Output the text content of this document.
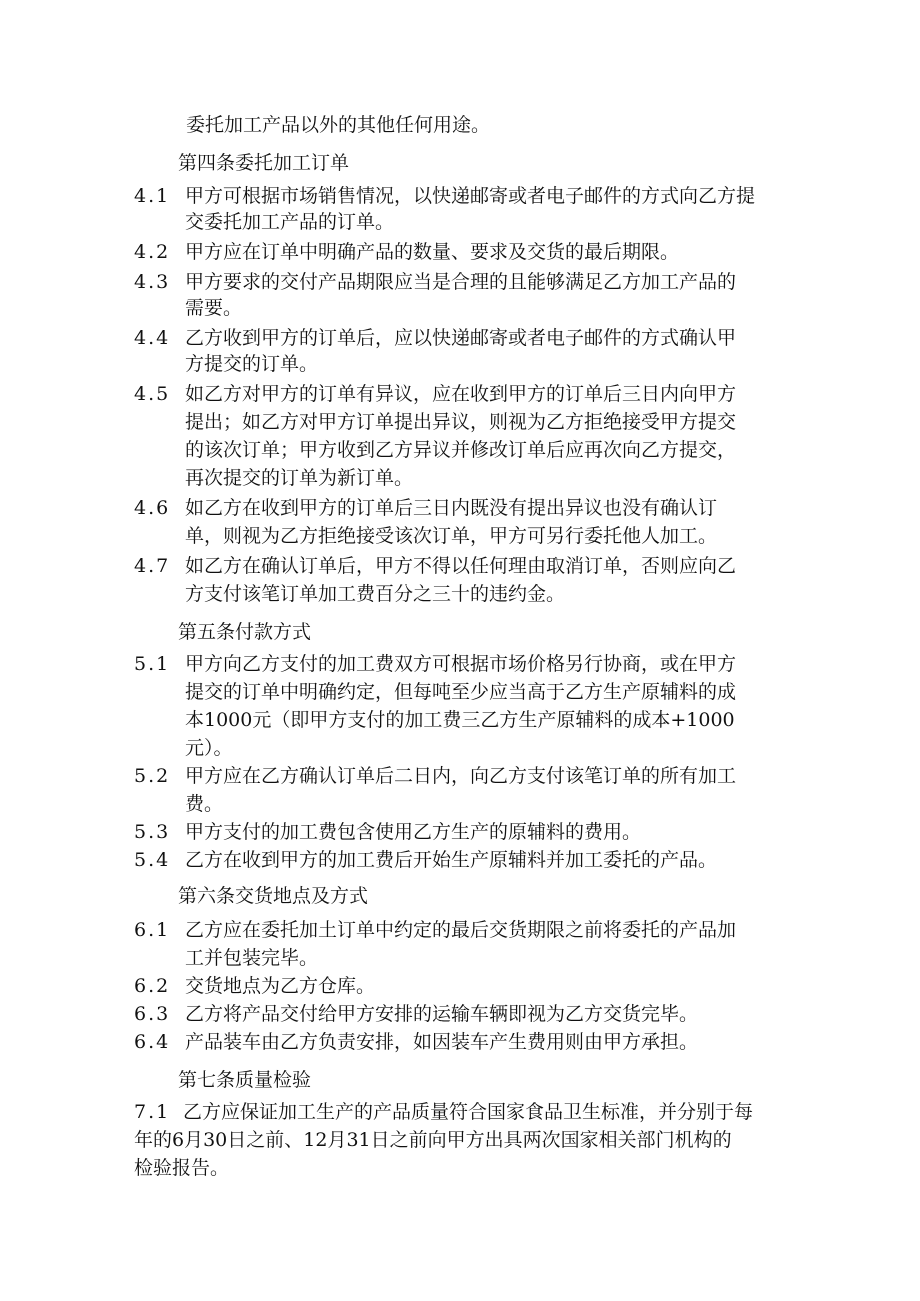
委托加工产品以外的其他任何用途。
第四条委托加工订单
4.1 甲方可根据市场销售情况，以快递邮寄或者电子邮件的方式向乙方提
交委托加工产品的订单。
4.2 甲方应在订单中明确产品的数量、要求及交货的最后期限。
4.3 甲方要求的交付产品期限应当是合理的且能够满足乙方加工产品的
需要。
4.4 乙方收到甲方的订单后，应以快递邮寄或者电子邮件的方式确认甲
方提交的订单。
4.5 如乙方对甲方的订单有异议，应在收到甲方的订单后三日内向甲方
提出；如乙方对甲方订单提出异议，则视为乙方拒绝接受甲方提交
的该次订单；甲方收到乙方异议并修改订单后应再次向乙方提交，
再次提交的订单为新订单。
4.6 如乙方在收到甲方的订单后三日内既没有提出异议也没有确认订
单，则视为乙方拒绝接受该次订单，甲方可另行委托他人加工。
4.7 如乙方在确认订单后，甲方不得以任何理由取消订单，否则应向乙
方支付该笔订单加工费百分之三十的违约金。
第五条付款方式
5.1 甲方向乙方支付的加工费双方可根据市场价格另行协商，或在甲方
提交的订单中明确约定，但每吨至少应当高于乙方生产原辅料的成
本1000元（即甲方支付的加工费三乙方生产原辅料的成本+1000
元）。
5.2 甲方应在乙方确认订单后二日内，向乙方支付该笔订单的所有加工
费。
5.3 甲方支付的加工费包含使用乙方生产的原辅料的费用。
5.4 乙方在收到甲方的加工费后开始生产原辅料并加工委托的产品。
第六条交货地点及方式
6.1 乙方应在委托加土订单中约定的最后交货期限之前将委托的产品加
工并包装完毕。
6.2 交货地点为乙方仓库。
6.3 乙方将产品交付给甲方安排的运输车辆即视为乙方交货完毕。
6.4 产品装车由乙方负责安排，如因装车产生费用则由甲方承担。
第七条质量检验
7.1 乙方应保证加工生产的产品质量符合国家食品卫生标准，并分别于每
年的6月30日之前、12月31日之前向甲方出具两次国家相关部门机构的
检验报告。
